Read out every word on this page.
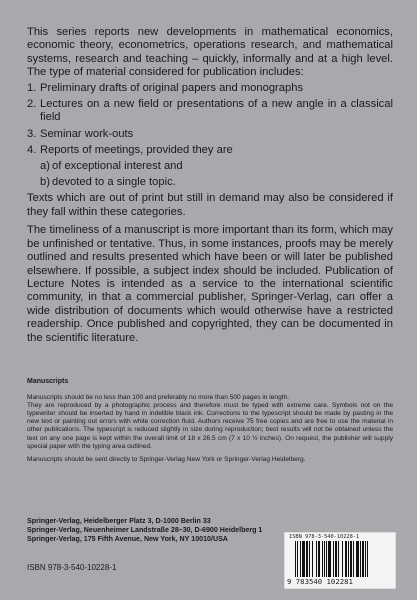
This series reports new developments in mathematical economics, economic theory, econometrics, operations research, and mathematical systems, research and teaching – quickly, informally and at a high level. The type of material considered for publication includes:

1. Preliminary drafts of original papers and monographs
2. Lectures on a new field or presentations of a new angle in a classical field
3. Seminar work-outs
4. Reports of meetings, provided they are
a) of exceptional interest and
b) devoted to a single topic.

Texts which are out of print but still in demand may also be considered if they fall within these categories.

The timeliness of a manuscript is more important than its form, which may be unfinished or tentative. Thus, in some instances, proofs may be merely outlined and results presented which have been or will later be published elsewhere. If possible, a subject index should be included. Publication of Lecture Notes is intended as a service to the international scientific community, in that a commercial publisher, Springer-Verlag, can offer a wide distribution of documents which would otherwise have a restricted readership. Once published and copyrighted, they can be documented in the scientific literature.

Manuscripts

Manuscripts should be no less than 100 and preferably no more than 500 pages in length.

They are reproduced by a photographic process and therefore must be typed with extreme care. Symbols not on the typewriter should be inserted by hand in indelible black ink. Corrections to the typescript should be made by pasting in the new text or painting out errors with white correction fluid. Authors receive 75 free copies and are free to use the material in other publications. The typescript is reduced slightly in size during reproduction; best results will not be obtained unless the text on any one page is kept within the overall limit of 18 x 26.5 cm (7 x 10 ½ inches). On request, the publisher will supply special paper with the typing area outlined.

Manuscripts should be sent directly to Springer-Verlag New York or Springer-Verlag Heidelberg.

Springer-Verlag, Heidelberger Platz 3, D-1000 Berlin 33
Springer-Verlag, Neuenheimer Landstraße 28–30, D-6900 Heidelberg 1
Springer-Verlag, 175 Fifth Avenue, New York, NY 10010/USA
ISBN 978-3-540-10228-1
ISBN 978-3-540-10228-1
9 783540 102281
